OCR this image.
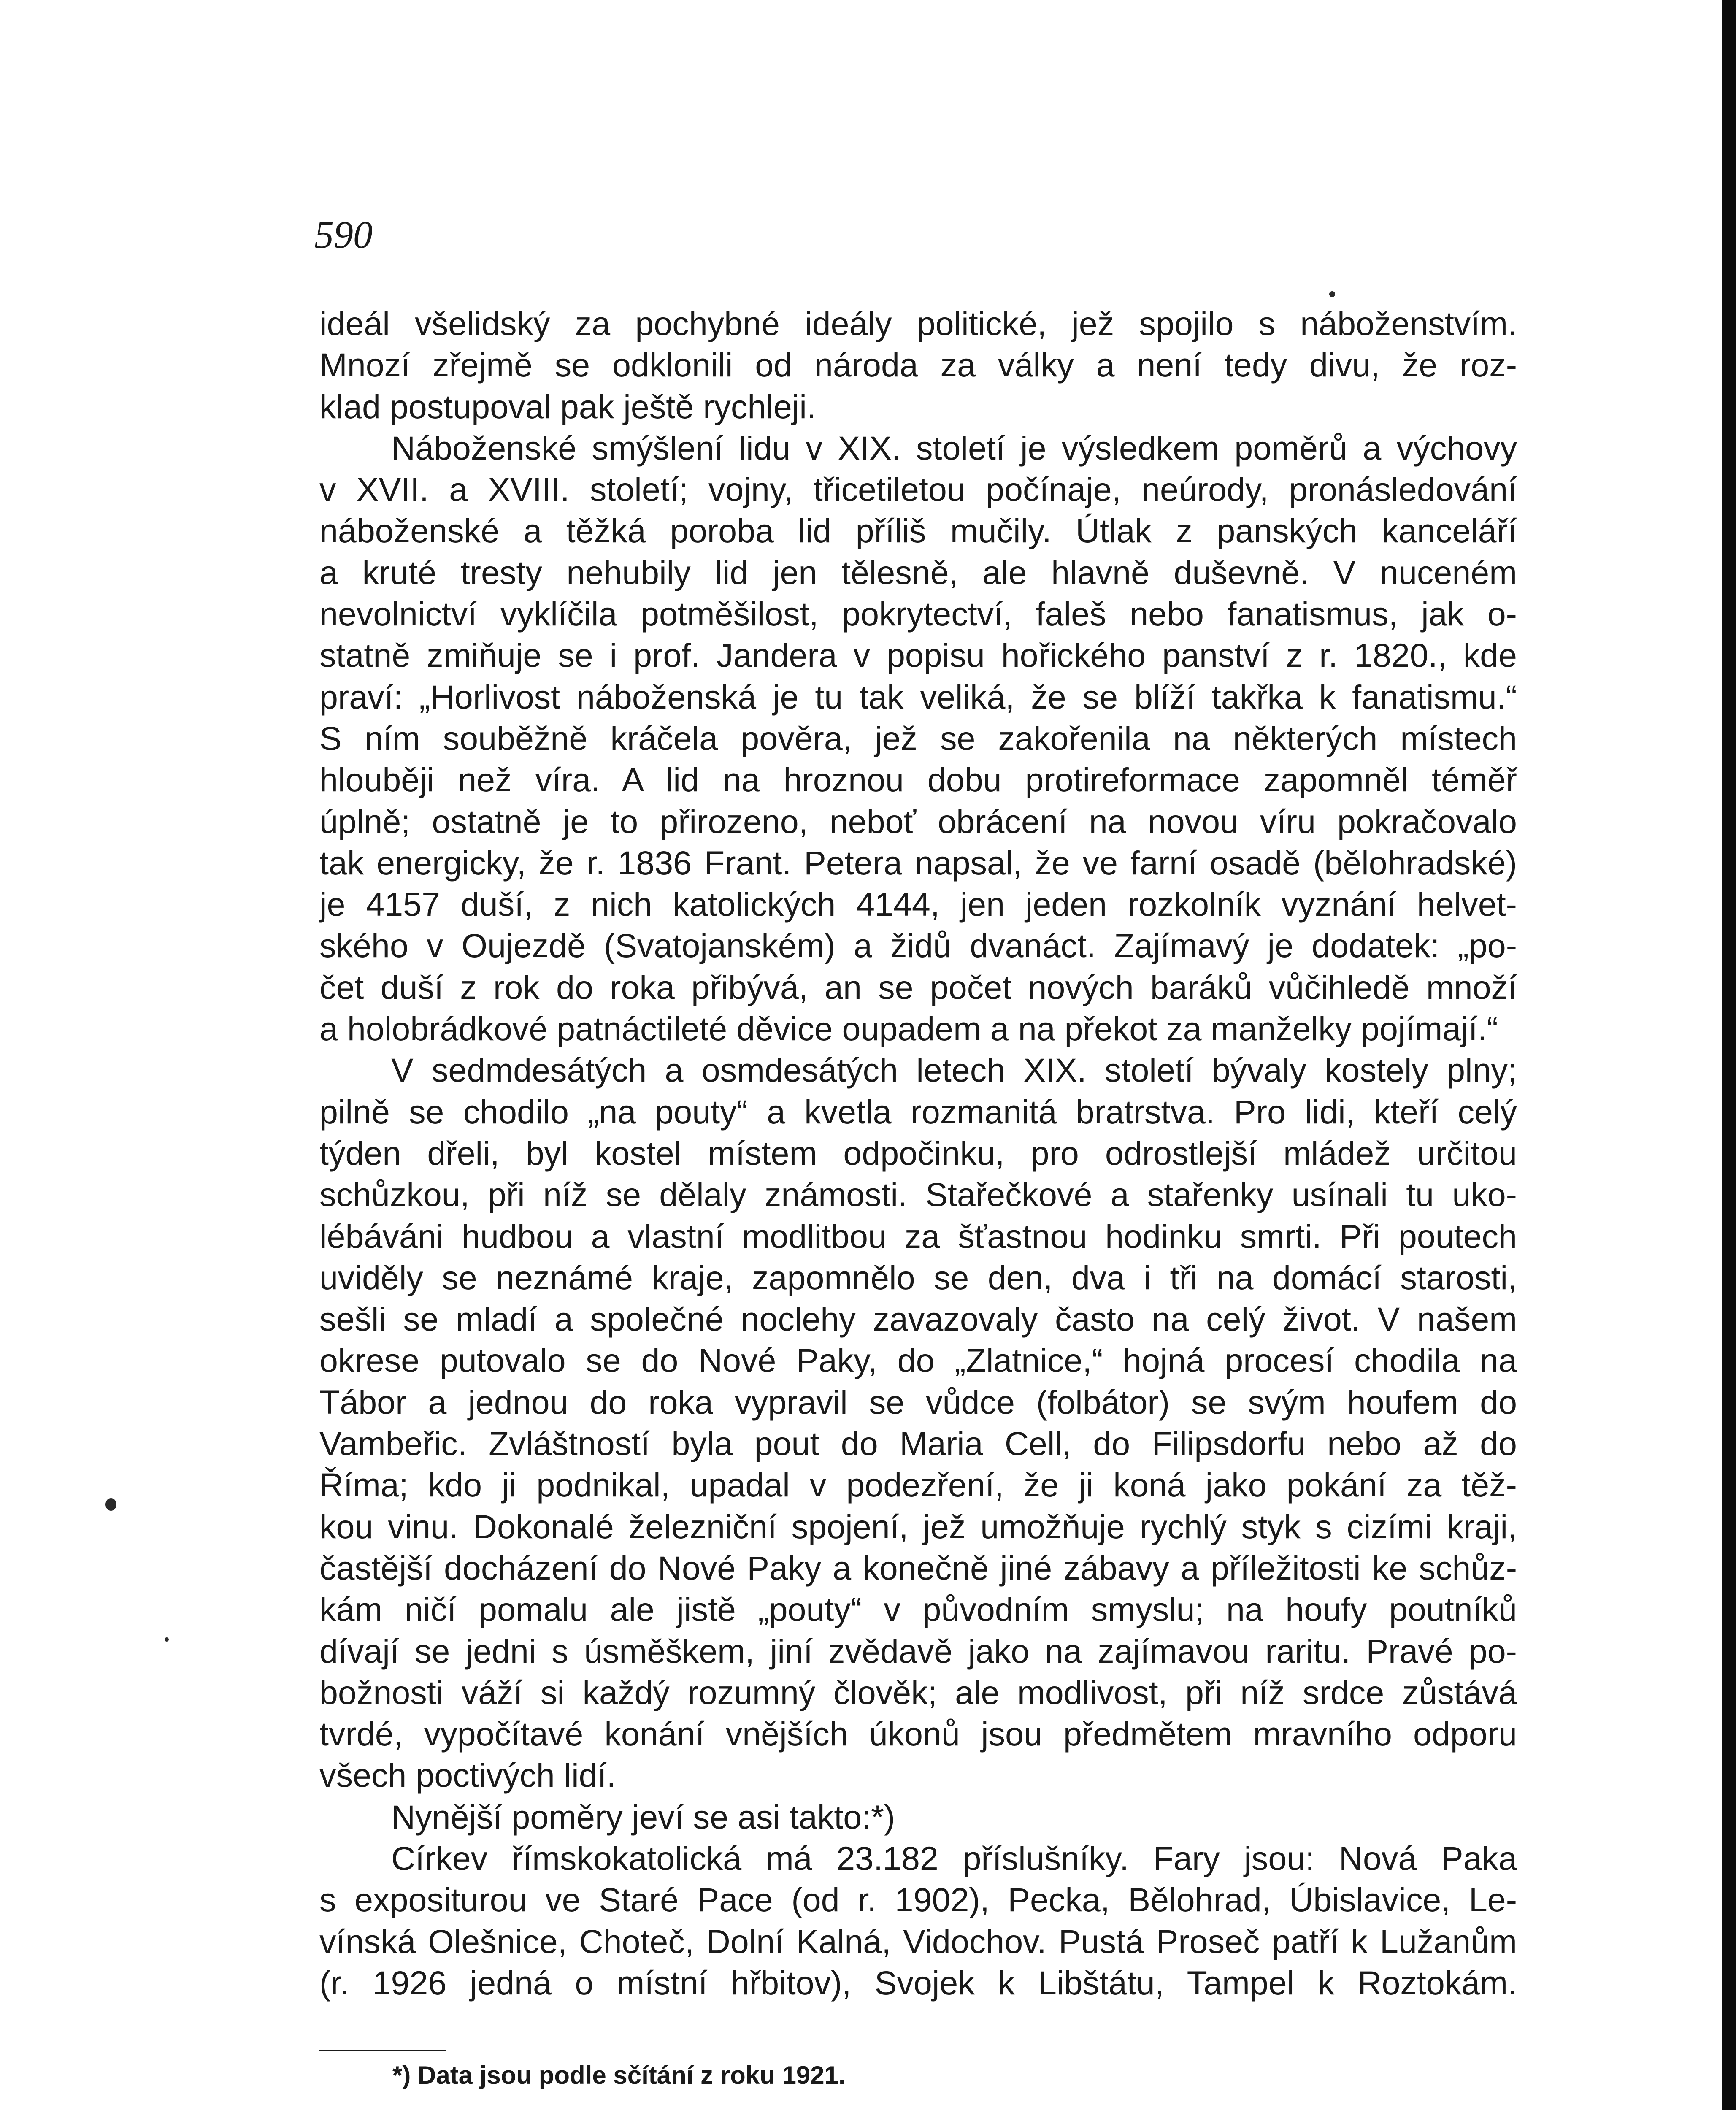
590
ideál všelidský za pochybné ideály politické, jež spojilo s náboženstvím.
Mnozí zřejmě se odklonili od národa za války a není tedy divu, že roz-
klad postupoval pak ještě rychleji.
Náboženské smýšlení lidu v XIX. století je výsledkem poměrů a výchovy
v XVII. a XVIII. století; vojny, třicetiletou počínaje, neúrody, pronásledování
náboženské a těžká poroba lid příliš mučily. Útlak z panských kanceláří
a kruté tresty nehubily lid jen tělesně, ale hlavně duševně. V nuceném
nevolnictví vyklíčila potměšilost, pokrytectví, faleš nebo fanatismus, jak o-
statně zmiňuje se i prof. Jandera v popisu hořického panství z r. 1820., kde
praví: „Horlivost náboženská je tu tak veliká, že se blíží takřka k fanatismu.“
S ním souběžně kráčela pověra, jež se zakořenila na některých místech
hlouběji než víra. A lid na hroznou dobu protireformace zapomněl téměř
úplně; ostatně je to přirozeno, neboť obrácení na novou víru pokračovalo
tak energicky, že r. 1836 Frant. Petera napsal, že ve farní osadě (bělohradské)
je 4157 duší, z nich katolických 4144, jen jeden rozkolník vyznání helvet-
ského v Oujezdě (Svatojanském) a židů dvanáct. Zajímavý je dodatek: „po-
čet duší z rok do roka přibývá, an se počet nových baráků vůčihledě množí
a holobrádkové patnáctileté děvice oupadem a na překot za manželky pojímají.“
V sedmdesátých a osmdesátých letech XIX. století bývaly kostely plny;
pilně se chodilo „na pouty“ a kvetla rozmanitá bratrstva. Pro lidi, kteří celý
týden dřeli, byl kostel místem odpočinku, pro odrostlejší mládež určitou
schůzkou, při níž se dělaly známosti. Stařečkové a stařenky usínali tu uko-
lébáváni hudbou a vlastní modlitbou za šťastnou hodinku smrti. Při poutech
uviděly se neznámé kraje, zapomnělo se den, dva i tři na domácí starosti,
sešli se mladí a společné noclehy zavazovaly často na celý život. V našem
okrese putovalo se do Nové Paky, do „Zlatnice,“ hojná procesí chodila na
Tábor a jednou do roka vypravil se vůdce (folbátor) se svým houfem do
Vambeřic. Zvláštností byla pout do Maria Cell, do Filipsdorfu nebo až do
Říma; kdo ji podnikal, upadal v podezření, že ji koná jako pokání za těž-
kou vinu. Dokonalé železniční spojení, jež umožňuje rychlý styk s cizími kraji,
častější docházení do Nové Paky a konečně jiné zábavy a příležitosti ke schůz-
kám ničí pomalu ale jistě „pouty“ v původním smyslu; na houfy poutníků
dívají se jedni s úsměškem, jiní zvědavě jako na zajímavou raritu. Pravé po-
božnosti váží si každý rozumný člověk; ale modlivost, při níž srdce zůstává
tvrdé, vypočítavé konání vnějších úkonů jsou předmětem mravního odporu
všech poctivých lidí.
Nynější poměry jeví se asi takto:*)
Církev římskokatolická má 23.182 příslušníky. Fary jsou: Nová Paka
s expositurou ve Staré Pace (od r. 1902), Pecka, Bělohrad, Úbislavice, Le-
vínská Olešnice, Choteč, Dolní Kalná, Vidochov. Pustá Proseč patří k Lužanům
(r. 1926 jedná o místní hřbitov), Svojek k Libštátu, Tampel k Roztokám.
*) Data jsou podle sčítání z roku 1921.
